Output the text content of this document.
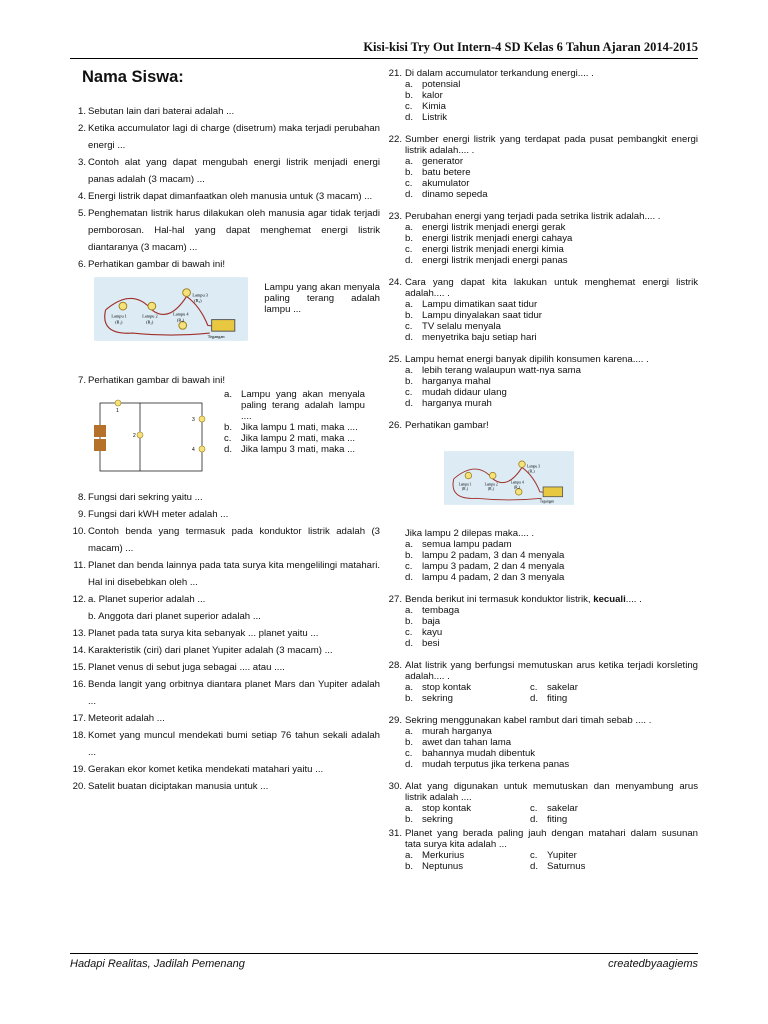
Kisi-kisi Try Out Intern-4 SD Kelas 6 Tahun Ajaran 2014-2015
Nama Siswa:
1. Sebutan lain dari baterai adalah ...
2. Ketika accumulator lagi di charge (disetrum) maka terjadi perubahan energi ...
3. Contoh alat yang dapat mengubah energi listrik menjadi energi panas adalah (3 macam) ...
4. Energi listrik dapat dimanfaatkan oleh manusia untuk (3 macam) ...
5. Penghematan listrik harus dilakukan oleh manusia agar tidak terjadi pemborosan. Hal-hal yang dapat menghemat energi listrik diantaranya (3 macam) ...
6. Perhatikan gambar di bawah ini!
Lampu 1
(R₁)
Lampu 2
(R₂)
Lampu 3
(R₃)
Lampu 4
(R₄)
Tegangan
Lampu yang akan menyala paling terang adalah lampu ...
7. Perhatikan gambar di bawah ini!
1
2
3
4
a. Lampu yang akan menyala paling terang adalah lampu ....
b. Jika lampu 1 mati, maka ....
c. Jika lampu 2 mati, maka ...
d. Jika lampu 3 mati, maka ...
8. Fungsi dari sekring yaitu ...
9. Fungsi dari kWH meter adalah ...
10. Contoh benda yang termasuk pada konduktor listrik adalah (3 macam) ...
11. Planet dan benda lainnya pada tata surya kita mengelilingi matahari. Hal ini disebebkan oleh ...
12. a. Planet superior adalah ...
b. Anggota dari planet superior adalah ...
13. Planet pada tata surya kita sebanyak ... planet yaitu ...
14. Karakteristik (ciri) dari planet Yupiter adalah (3 macam) ...
15. Planet venus di sebut juga sebagai .... atau ....
16. Benda langit yang orbitnya diantara planet Mars dan Yupiter adalah ...
17. Meteorit adalah ...
18. Komet yang muncul mendekati bumi setiap 76 tahun sekali adalah ...
19. Gerakan ekor komet ketika mendekati matahari yaitu ...
20. Satelit buatan diciptakan manusia untuk ...
21. Di dalam accumulator terkandung energi.... .
a. potensial
b. kalor
c. Kimia
d. Listrik
22. Sumber energi listrik yang terdapat pada pusat pembangkit energi listrik adalah.... .
a. generator
b. batu betere
c. akumulator
d. dinamo sepeda
23. Perubahan energi yang terjadi pada setrika listrik adalah.... .
a. energi listrik menjadi energi gerak
b. energi listrik menjadi energi cahaya
c. energi listrik menjadi energi kimia
d. energi listrik menjadi energi panas
24. Cara yang dapat kita lakukan untuk menghemat energi listrik adalah.... .
a. Lampu dimatikan saat tidur
b. Lampu dinyalakan saat tidur
c. TV selalu menyala
d. menyetrika baju setiap hari
25. Lampu hemat energi banyak dipilih konsumen karena.... .
a. lebih terang walaupun watt-nya sama
b. harganya mahal
c. mudah didaur ulang
d. harganya murah
26. Perhatikan gambar!
Lampu 1
(R₁)
Lampu 2
(R₂)
Lampu 3
(R₃)
Lampu 4
(R₄)
Tegangan
Jika lampu 2 dilepas maka.... .
a. semua lampu padam
b. lampu 2 padam, 3 dan 4 menyala
c. lampu 3 padam, 2 dan 4 menyala
d. lampu 4 padam, 2 dan 3 menyala
27. Benda berikut ini termasuk konduktor listrik, kecuali.... .
a. tembaga
b. baja
c. kayu
d. besi
28. Alat listrik yang berfungsi memutuskan arus ketika terjadi korsleting adalah.... .
a. stop kontak	c. sakelar
b. sekring	d. fiting
29. Sekring menggunakan kabel rambut dari timah sebab .... .
a. murah harganya
b. awet dan tahan lama
c. bahannya mudah dibentuk
d. mudah terputus jika terkena panas
30. Alat yang digunakan untuk memutuskan dan menyambung arus listrik adalah ....
a. stop kontak	c. sakelar
b. sekring	d. fiting
31. Planet yang berada paling jauh dengan matahari dalam susunan tata surya kita adalah ...
a. Merkurius	c. Yupiter
b. Neptunus	d. Saturnus
Hadapi Realitas, Jadilah Pemenang	createdbyaagiems
